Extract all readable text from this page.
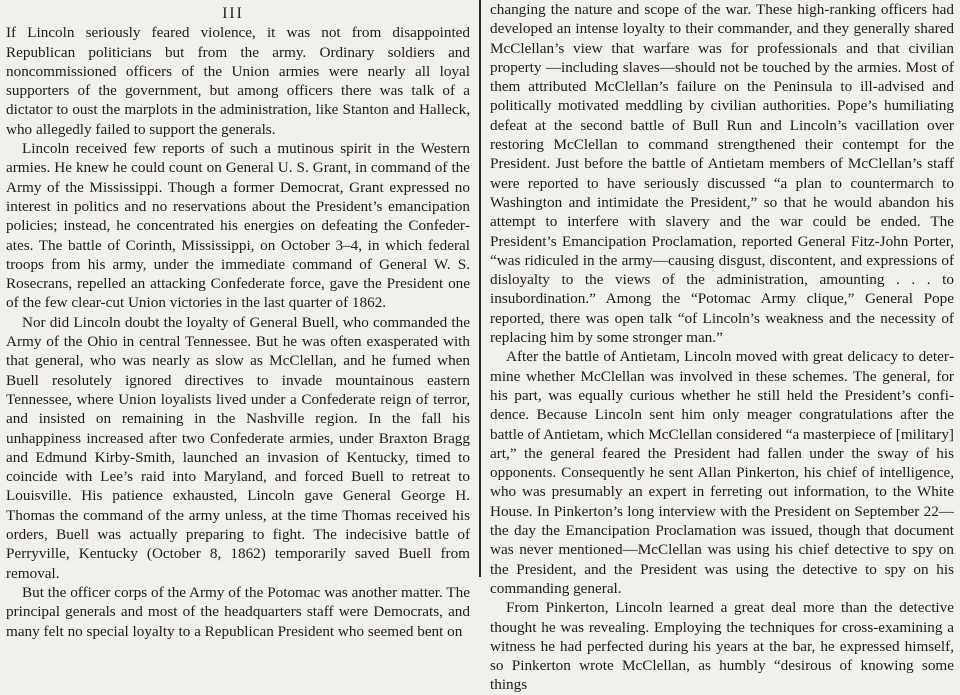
III

If Lincoln seriously feared violence, it was not from disappointed Republican politicians but from the army. Ordinary soldiers and noncommissioned officers of the Union armies were nearly all loyal supporters of the government, but among officers there was talk of a dictator to oust the marplots in the administration, like Stanton and Halleck, who allegedly failed to support the generals.

Lincoln received few reports of such a mutinous spirit in the Western armies. He knew he could count on General U. S. Grant, in command of the Army of the Mississippi. Though a former Democrat, Grant expressed no interest in politics and no reservations about the President’s emancipation policies; instead, he concentrated his energies on defeating the Confederates. The battle of Corinth, Mississippi, on October 3–4, in which federal troops from his army, under the immediate command of General W. S. Rosecrans, repelled an attacking Confederate force, gave the President one of the few clear-cut Union victories in the last quarter of 1862.

Nor did Lincoln doubt the loyalty of General Buell, who commanded the Army of the Ohio in central Tennessee. But he was often exasperated with that general, who was nearly as slow as McClellan, and he fumed when Buell resolutely ignored directives to invade mountainous eastern Tennessee, where Union loyalists lived under a Confederate reign of terror, and insisted on remaining in the Nashville region. In the fall his unhappiness increased after two Confederate armies, under Braxton Bragg and Edmund Kirby-Smith, launched an invasion of Kentucky, timed to coincide with Lee’s raid into Maryland, and forced Buell to retreat to Louisville. His patience exhausted, Lincoln gave General George H. Thomas the command of the army unless, at the time Thomas received his orders, Buell was actually preparing to fight. The indecisive battle of Perryville, Kentucky (October 8, 1862) temporarily saved Buell from removal.

But the officer corps of the Army of the Potomac was another matter. The principal generals and most of the headquarters staff were Democrats, and many felt no special loyalty to a Republican President who seemed bent on

changing the nature and scope of the war. These high-ranking officers had developed an intense loyalty to their commander, and they generally shared McClellan’s view that warfare was for professionals and that civilian property —including slaves—should not be touched by the armies. Most of them attributed McClellan’s failure on the Peninsula to ill-advised and politically motivated meddling by civilian authorities. Pope’s humiliating defeat at the second battle of Bull Run and Lincoln’s vacillation over restoring McClellan to command strengthened their contempt for the President. Just before the battle of Antietam members of McClellan’s staff were reported to have seriously discussed “a plan to countermarch to Washington and intimidate the President,” so that he would abandon his attempt to interfere with slavery and the war could be ended. The President’s Emancipation Proclamation, reported General Fitz-John Porter, “was ridiculed in the army—causing disgust, discontent, and expressions of disloyalty to the views of the administration, amounting . . . to insubordination.” Among the “Potomac Army clique,” General Pope reported, there was open talk “of Lincoln’s weakness and the necessity of replacing him by some stronger man.”

After the battle of Antietam, Lincoln moved with great delicacy to determine whether McClellan was involved in these schemes. The general, for his part, was equally curious whether he still held the President’s confidence. Because Lincoln sent him only meager congratulations after the battle of Antietam, which McClellan considered “a masterpiece of [military] art,” the general feared the President had fallen under the sway of his opponents. Consequently he sent Allan Pinkerton, his chief of intelligence, who was presumably an expert in ferreting out information, to the White House. In Pinkerton’s long interview with the President on September 22—the day the Emancipation Proclamation was issued, though that document was never mentioned—McClellan was using his chief detective to spy on the President, and the President was using the detective to spy on his commanding general.

From Pinkerton, Lincoln learned a great deal more than the detective thought he was revealing. Employing the techniques for cross-examining a witness he had perfected during his years at the bar, he expressed himself, so Pinkerton wrote McClellan, as humbly “desirous of knowing some things
